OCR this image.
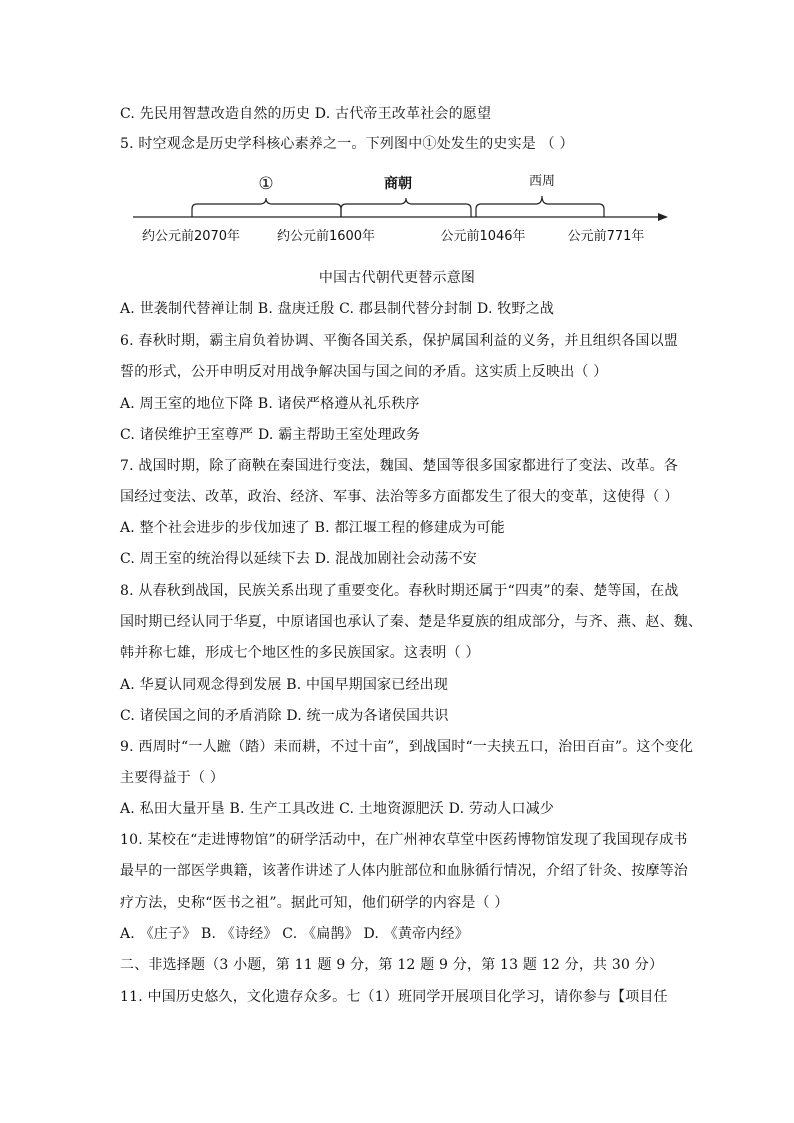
C. 先民用智慧改造自然的历史 D. 古代帝王改革社会的愿望
5. 时空观念是历史学科核心素养之一。下列图中①处发生的史实是 （ ）
①	商朝	西周
约公元前2070年	约公元前1600年	公元前1046年	公元前771年
中国古代朝代更替示意图
A. 世袭制代替禅让制 B. 盘庚迁殷 C. 郡县制代替分封制 D. 牧野之战
6. 春秋时期，霸主肩负着协调、平衡各国关系，保护属国利益的义务，并且组织各国以盟
誓的形式，公开申明反对用战争解决国与国之间的矛盾。这实质上反映出（ ）
A. 周王室的地位下降 B. 诸侯严格遵从礼乐秩序
C. 诸侯维护王室尊严 D. 霸主帮助王室处理政务
7. 战国时期，除了商鞅在秦国进行变法，魏国、楚国等很多国家都进行了变法、改革。各
国经过变法、改革，政治、经济、军事、法治等多方面都发生了很大的变革，这使得（ ）
A. 整个社会进步的步伐加速了 B. 都江堰工程的修建成为可能
C. 周王室的统治得以延续下去 D. 混战加剧社会动荡不安
8. 从春秋到战国，民族关系出现了重要变化。春秋时期还属于“四夷”的秦、楚等国，在战
国时期已经认同于华夏，中原诸国也承认了秦、楚是华夏族的组成部分，与齐、燕、赵、魏、
韩并称七雄，形成七个地区性的多民族国家。这表明（ ）
A. 华夏认同观念得到发展 B. 中国早期国家已经出现
C. 诸侯国之间的矛盾消除 D. 统一成为各诸侯国共识
9. 西周时“一人蹠（踏）耒而耕，不过十亩”，到战国时“一夫挟五口，治田百亩”。这个变化
主要得益于（ ）
A. 私田大量开垦 B. 生产工具改进 C. 土地资源肥沃 D. 劳动人口减少
10. 某校在“走进博物馆”的研学活动中，在广州神农草堂中医药博物馆发现了我国现存成书
最早的一部医学典籍，该著作讲述了人体内脏部位和血脉循行情况，介绍了针灸、按摩等治
疗方法，史称“医书之祖”。据此可知，他们研学的内容是（ ）
A. 《庄子》 B. 《诗经》 C. 《扁鹊》 D. 《黄帝内经》
二、非选择题（3 小题，第 11 题 9 分，第 12 题 9 分，第 13 题 12 分，共 30 分）
11. 中国历史悠久，文化遗存众多。七（1）班同学开展项目化学习，请你参与【项目任
